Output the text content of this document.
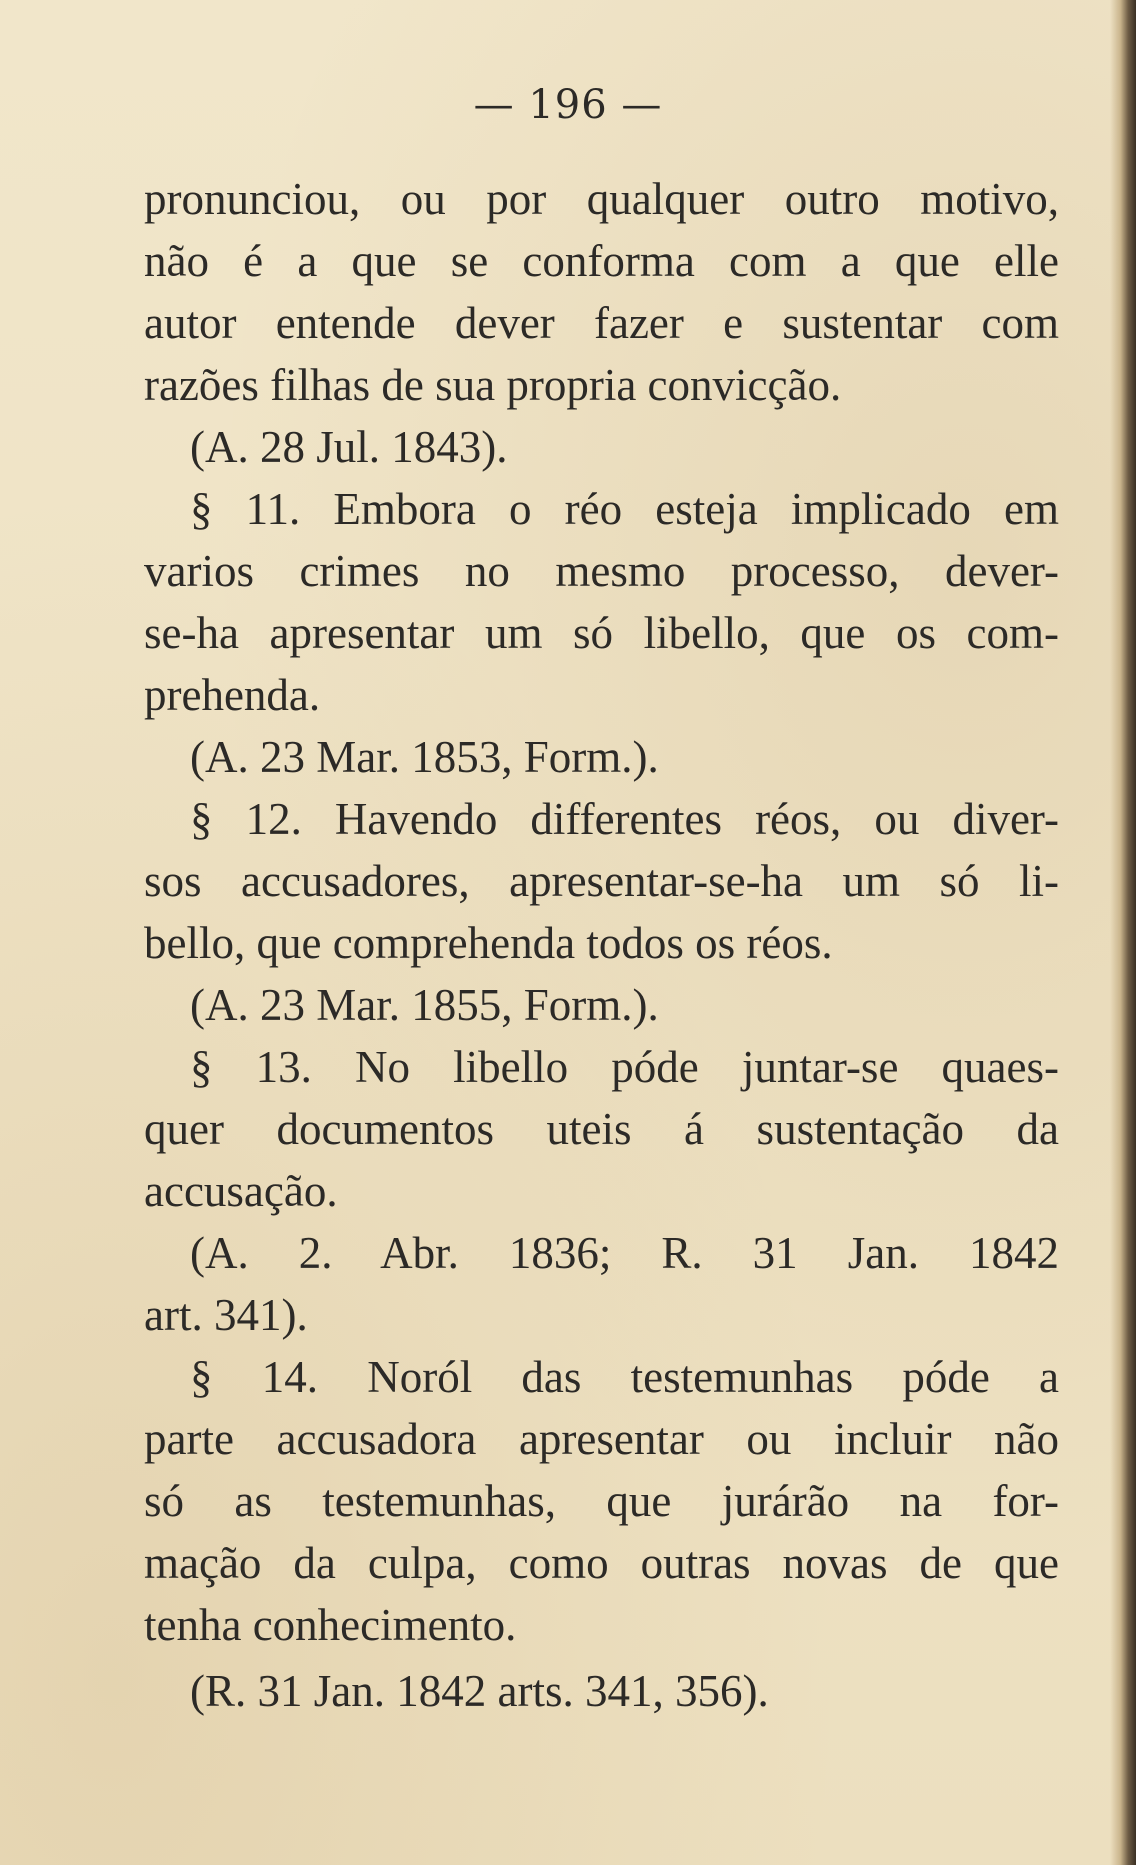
— 196 —
pronunciou, ou por qualquer outro motivo,
não é a que se conforma com a que elle
autor entende dever fazer e sustentar com
razões filhas de sua propria convicção.
(A. 28 Jul. 1843).
§ 11. Embora o réo esteja implicado em
varios crimes no mesmo processo, dever-
se-ha apresentar um só libello, que os com-
prehenda.
(A. 23 Mar. 1853, Form.).
§ 12. Havendo differentes réos, ou diver-
sos accusadores, apresentar-se-ha um só li-
bello, que comprehenda todos os réos.
(A. 23 Mar. 1855, Form.).
§ 13. No libello póde juntar-se quaes-
quer documentos uteis á sustentação da
accusação.
(A. 2. Abr. 1836; R. 31 Jan. 1842
art. 341).
§ 14. Noról das testemunhas póde a
parte accusadora apresentar ou incluir não
só as testemunhas, que jurárão na for-
mação da culpa, como outras novas de que
tenha conhecimento.
(R. 31 Jan. 1842 arts. 341, 356).
